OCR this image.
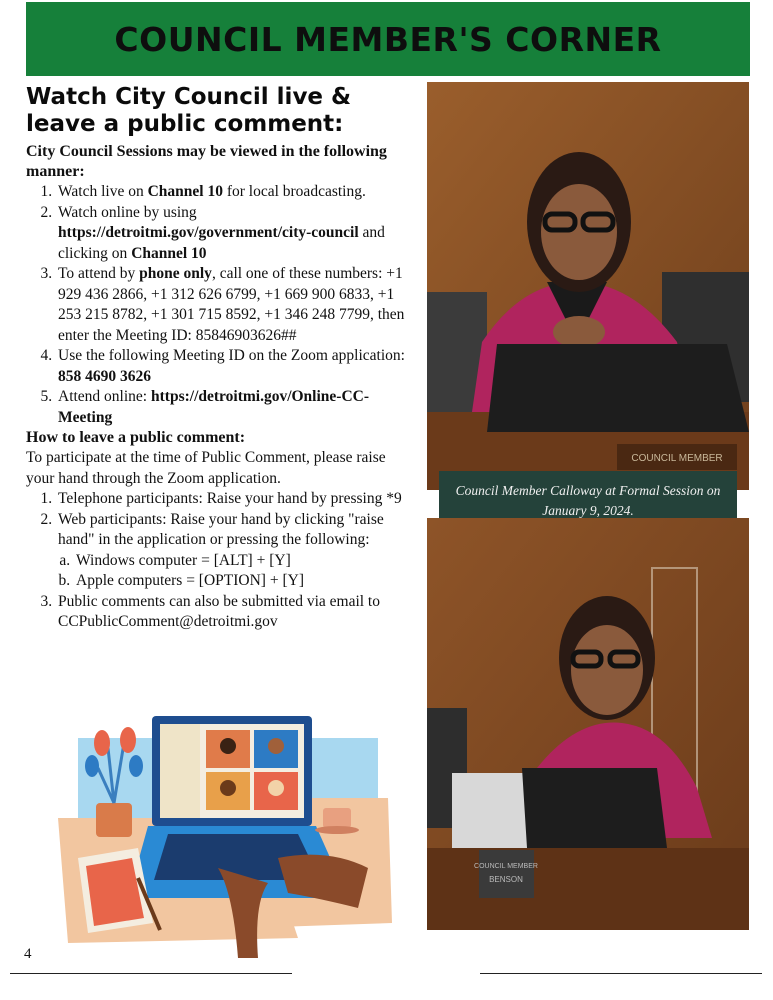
COUNCIL MEMBER'S CORNER
Watch City Council live & leave a public comment:

City Council Sessions may be viewed in the following manner:

1. Watch live on Channel 10 for local broadcasting.
2. Watch online by using https://detroitmi.gov/government/city-council and clicking on Channel 10
3. To attend by phone only, call one of these numbers: +1 929 436 2866, +1 312 626 6799, +1 669 900 6833, +1 253 215 8782, +1 301 715 8592, +1 346 248 7799, then enter the Meeting ID: 85846903626##
4. Use the following Meeting ID on the Zoom application: 858 4690 3626
5. Attend online: https://detroitmi.gov/Online-CC-Meeting

How to leave a public comment:

To participate at the time of Public Comment, please raise your hand through the Zoom application.

1. Telephone participants: Raise your hand by pressing *9
2. Web participants: Raise your hand by clicking "raise hand" in the application or pressing the following:
a. Windows computer = [ALT] + [Y]
b. Apple computers = [OPTION] + [Y]
3. Public comments can also be submitted via email to CCPublicComment@detroitmi.gov
COUNCIL MEMBER
Council Member Calloway at Formal Session on January 9, 2024.
COUNCIL MEMBER
BENSON
4
